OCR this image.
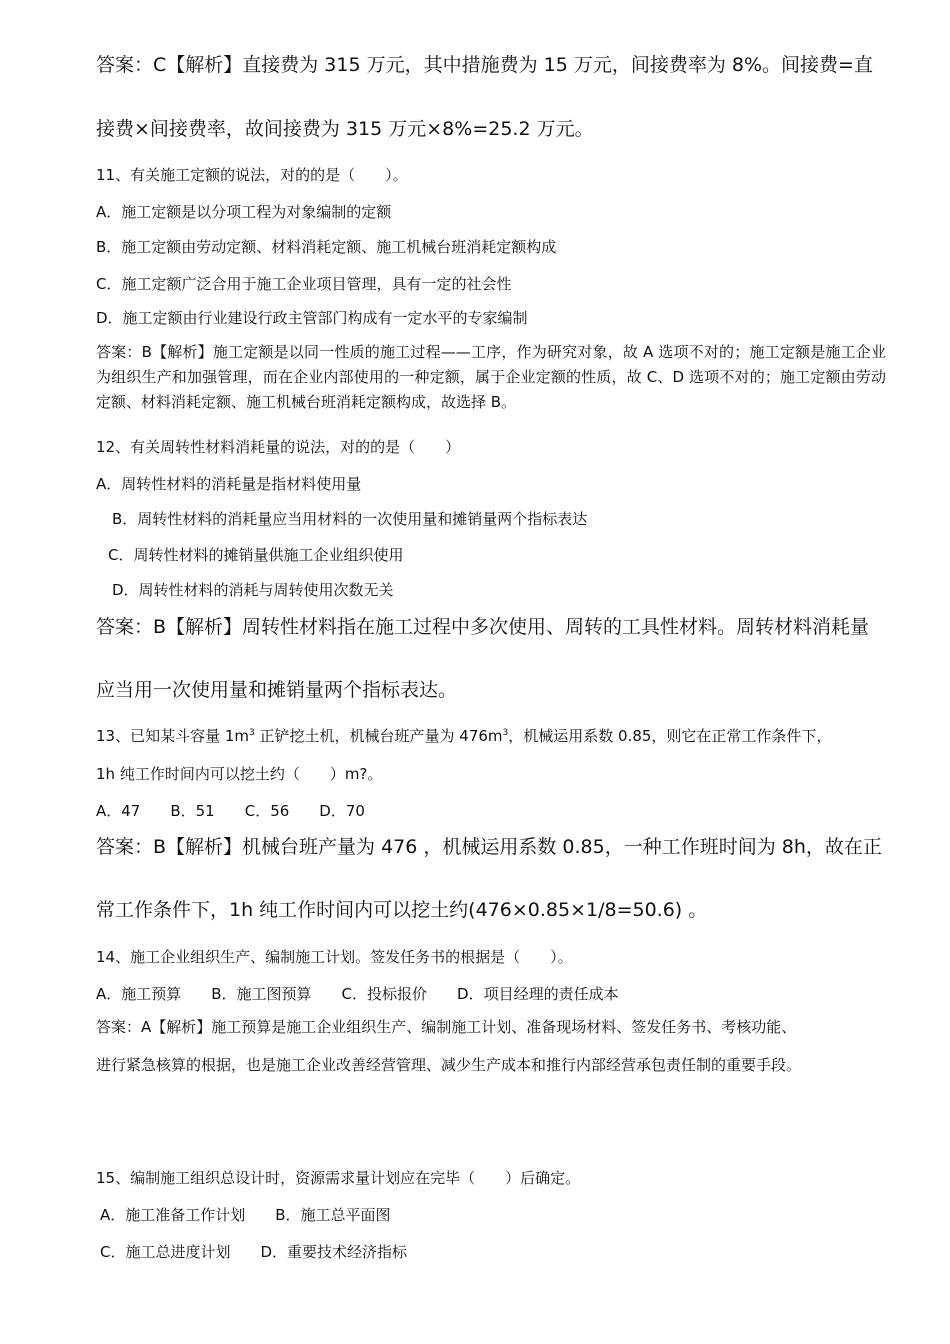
答案：C【解析】直接费为 315 万元，其中措施费为 15 万元，间接费率为 8%。间接费=直
接费×间接费率，故间接费为 315 万元×8%=25.2 万元。
11、有关施工定额的说法，对的的是（　　）。
A．施工定额是以分项工程为对象编制的定额
B．施工定额由劳动定额、材料消耗定额、施工机械台班消耗定额构成
C．施工定额广泛合用于施工企业项目管理，具有一定的社会性
D．施工定额由行业建设行政主管部门构成有一定水平的专家编制
答案：B【解析】施工定额是以同一性质的施工过程——工序，作为研究对象，故 A 选项不对的；施工定额是施工企业为组织生产和加强管理，而在企业内部使用的一种定额，属于企业定额的性质，故 C、D 选项不对的；施工定额由劳动定额、材料消耗定额、施工机械台班消耗定额构成，故选择 B。
12、有关周转性材料消耗量的说法，对的的是（　　）
A．周转性材料的消耗量是指材料使用量
B．周转性材料的消耗量应当用材料的一次使用量和摊销量两个指标表达
C．周转性材料的摊销量供施工企业组织使用
D．周转性材料的消耗与周转使用次数无关
答案：B【解析】周转性材料指在施工过程中多次使用、周转的工具性材料。周转材料消耗量
应当用一次使用量和摊销量两个指标表达。
13、已知某斗容量 $1m^3$ 正铲挖土机，机械台班产量为 $476m^3$，机械运用系数 0.85，则它在正常工作条件下，
1h 纯工作时间内可以挖土约（　　）m?。
A．47　　B．51　　C．56　　D．70
答案：B【解析】机械台班产量为 476 ，机械运用系数 0.85，一种工作班时间为 8h，故在正
常工作条件下，1h 纯工作时间内可以挖土约(476×0.85×1/8=50.6) 。
14、施工企业组织生产、编制施工计划。签发任务书的根据是（　　）。
A．施工预算　　B．施工图预算　　C．投标报价　　D．项目经理的责任成本
答案：A【解析】施工预算是施工企业组织生产、编制施工计划、准备现场材料、签发任务书、考核功能、
进行紧急核算的根据，也是施工企业改善经营管理、减少生产成本和推行内部经营承包责任制的重要手段。
15、编制施工组织总设计时，资源需求量计划应在完毕（　　）后确定。
A．施工准备工作计划　　B．施工总平面图
C．施工总进度计划　　D．重要技术经济指标
